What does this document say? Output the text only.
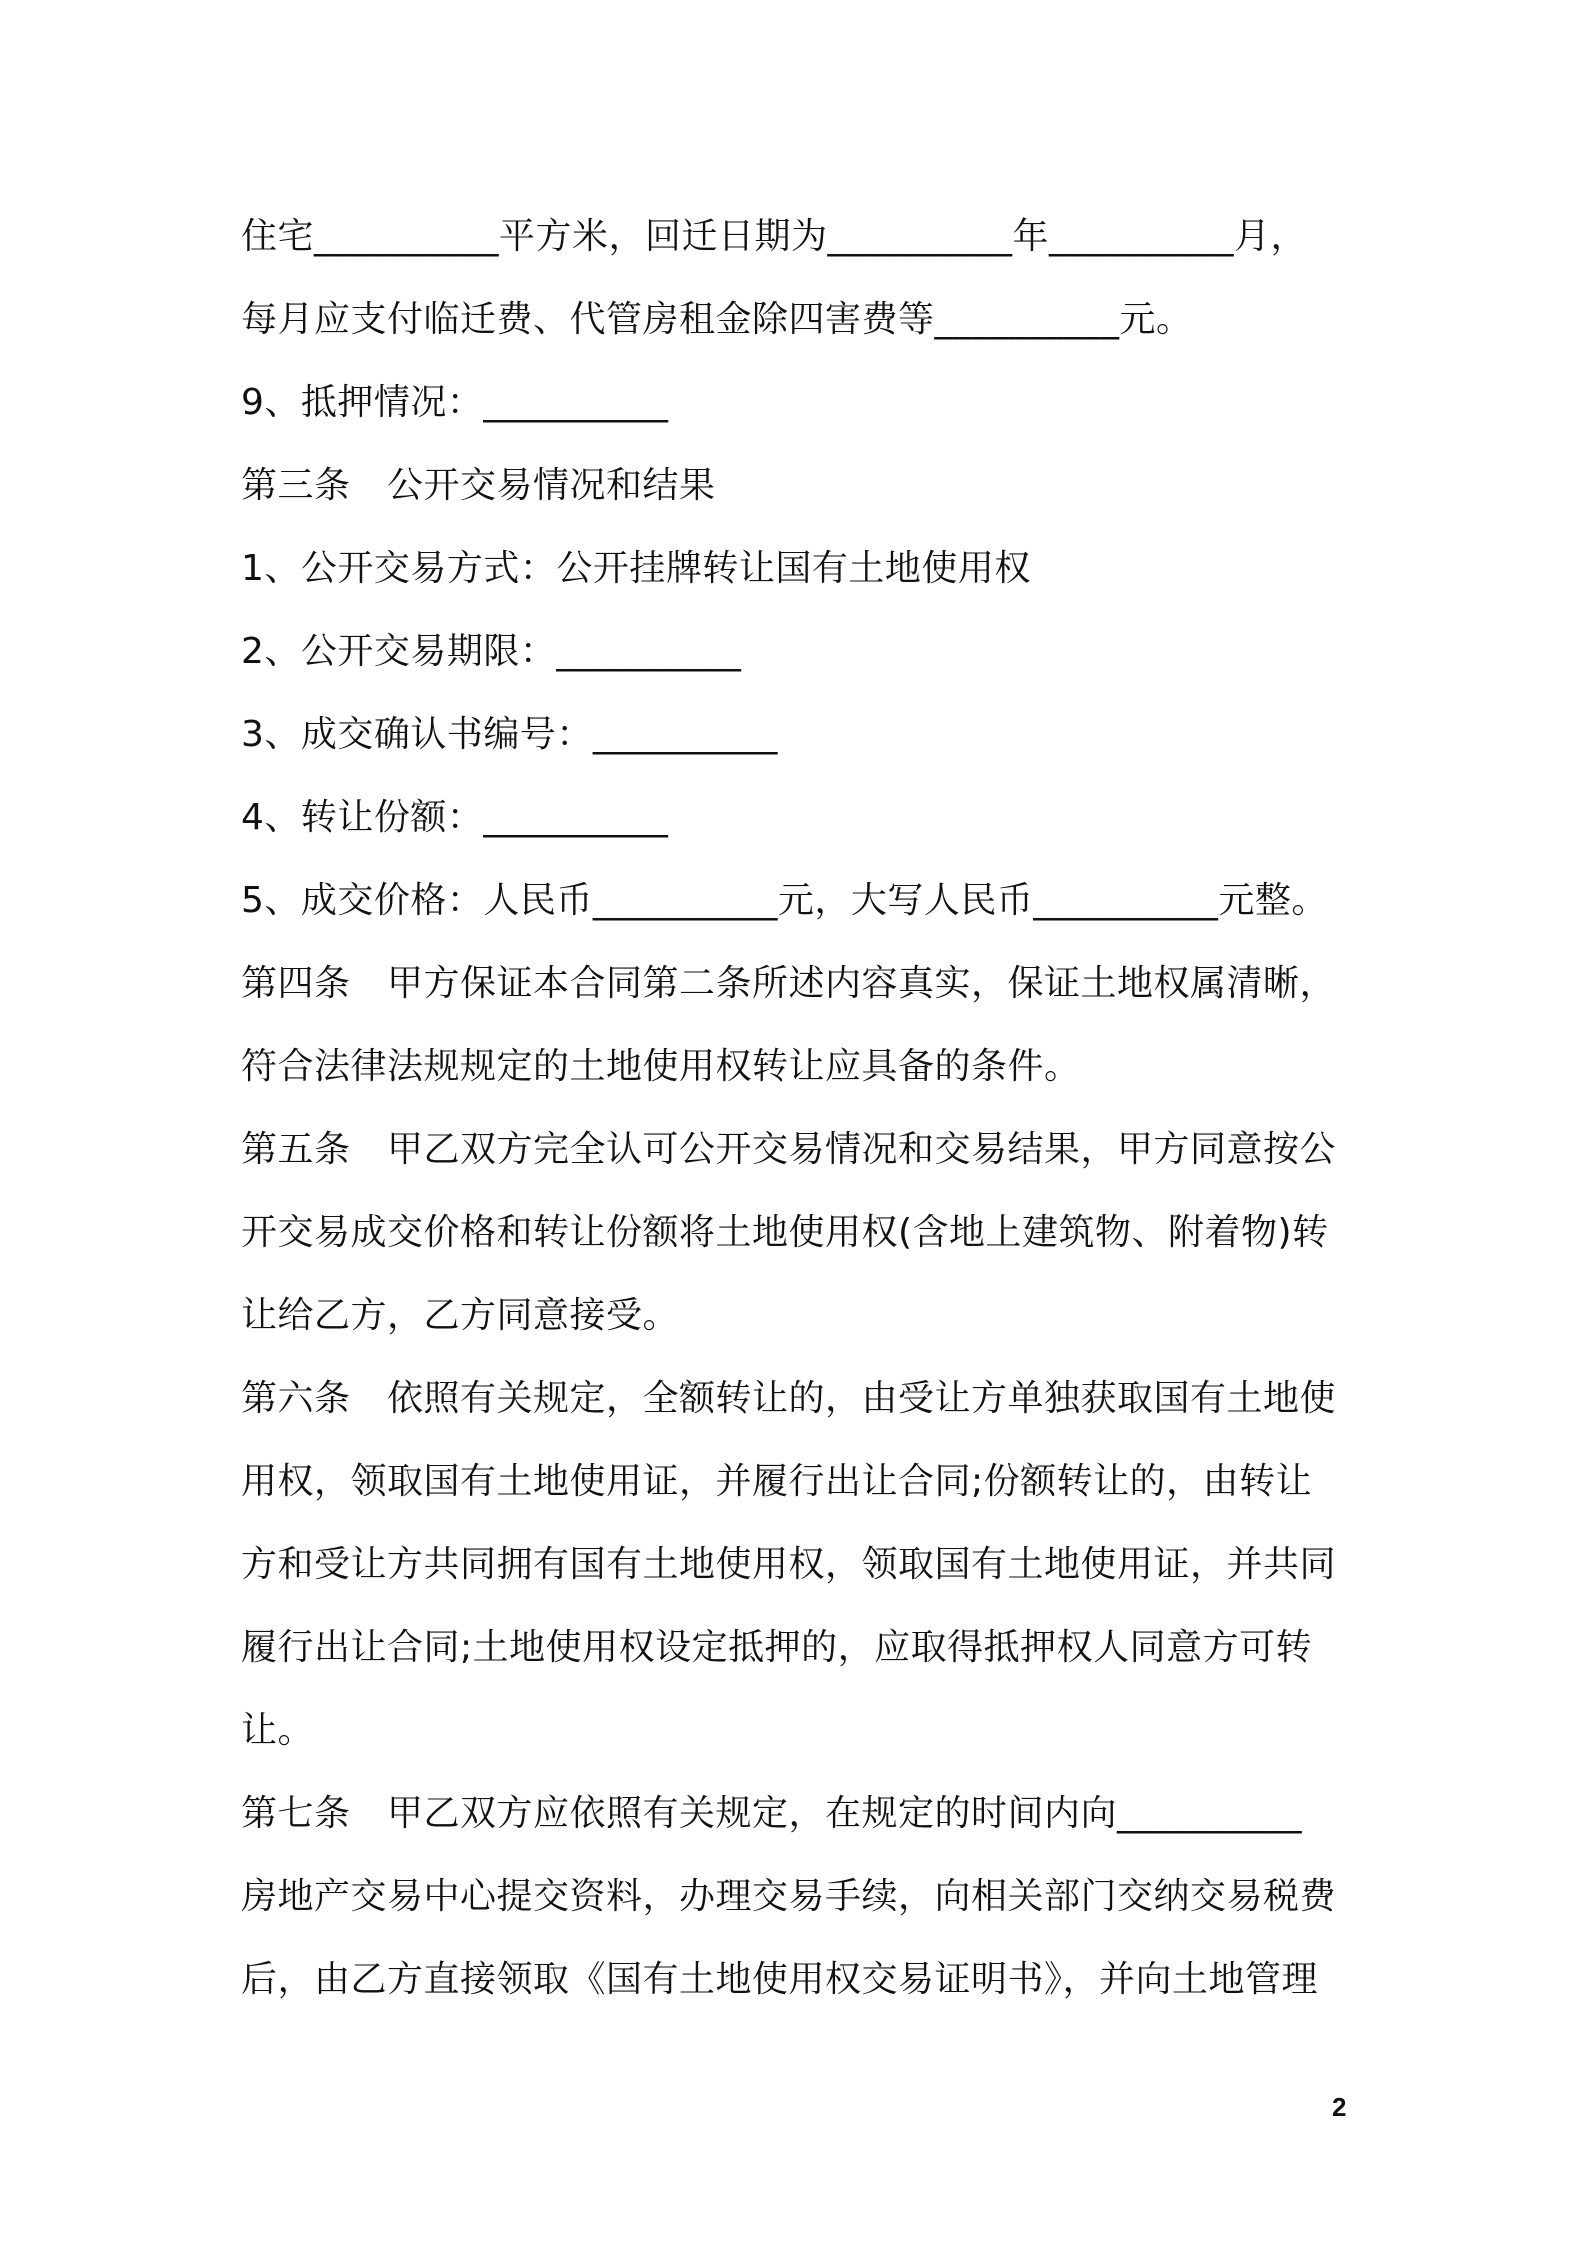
住宅__________平方米，回迁日期为__________年__________月，
每月应支付临迁费、代管房租金除四害费等__________元。
9、抵押情况：__________
第三条　公开交易情况和结果
1、公开交易方式：公开挂牌转让国有土地使用权
2、公开交易期限：__________
3、成交确认书编号：__________
4、转让份额：__________
5、成交价格：人民币__________元，大写人民币__________元整。
第四条　甲方保证本合同第二条所述内容真实，保证土地权属清晰，
符合法律法规规定的土地使用权转让应具备的条件。
第五条　甲乙双方完全认可公开交易情况和交易结果，甲方同意按公
开交易成交价格和转让份额将土地使用权(含地上建筑物、附着物)转
让给乙方，乙方同意接受。
第六条　依照有关规定，全额转让的，由受让方单独获取国有土地使
用权，领取国有土地使用证，并履行出让合同;份额转让的，由转让
方和受让方共同拥有国有土地使用权，领取国有土地使用证，并共同
履行出让合同;土地使用权设定抵押的，应取得抵押权人同意方可转
让。
第七条　甲乙双方应依照有关规定，在规定的时间内向__________
房地产交易中心提交资料，办理交易手续，向相关部门交纳交易税费
后，由乙方直接领取《国有土地使用权交易证明书》，并向土地管理
2
